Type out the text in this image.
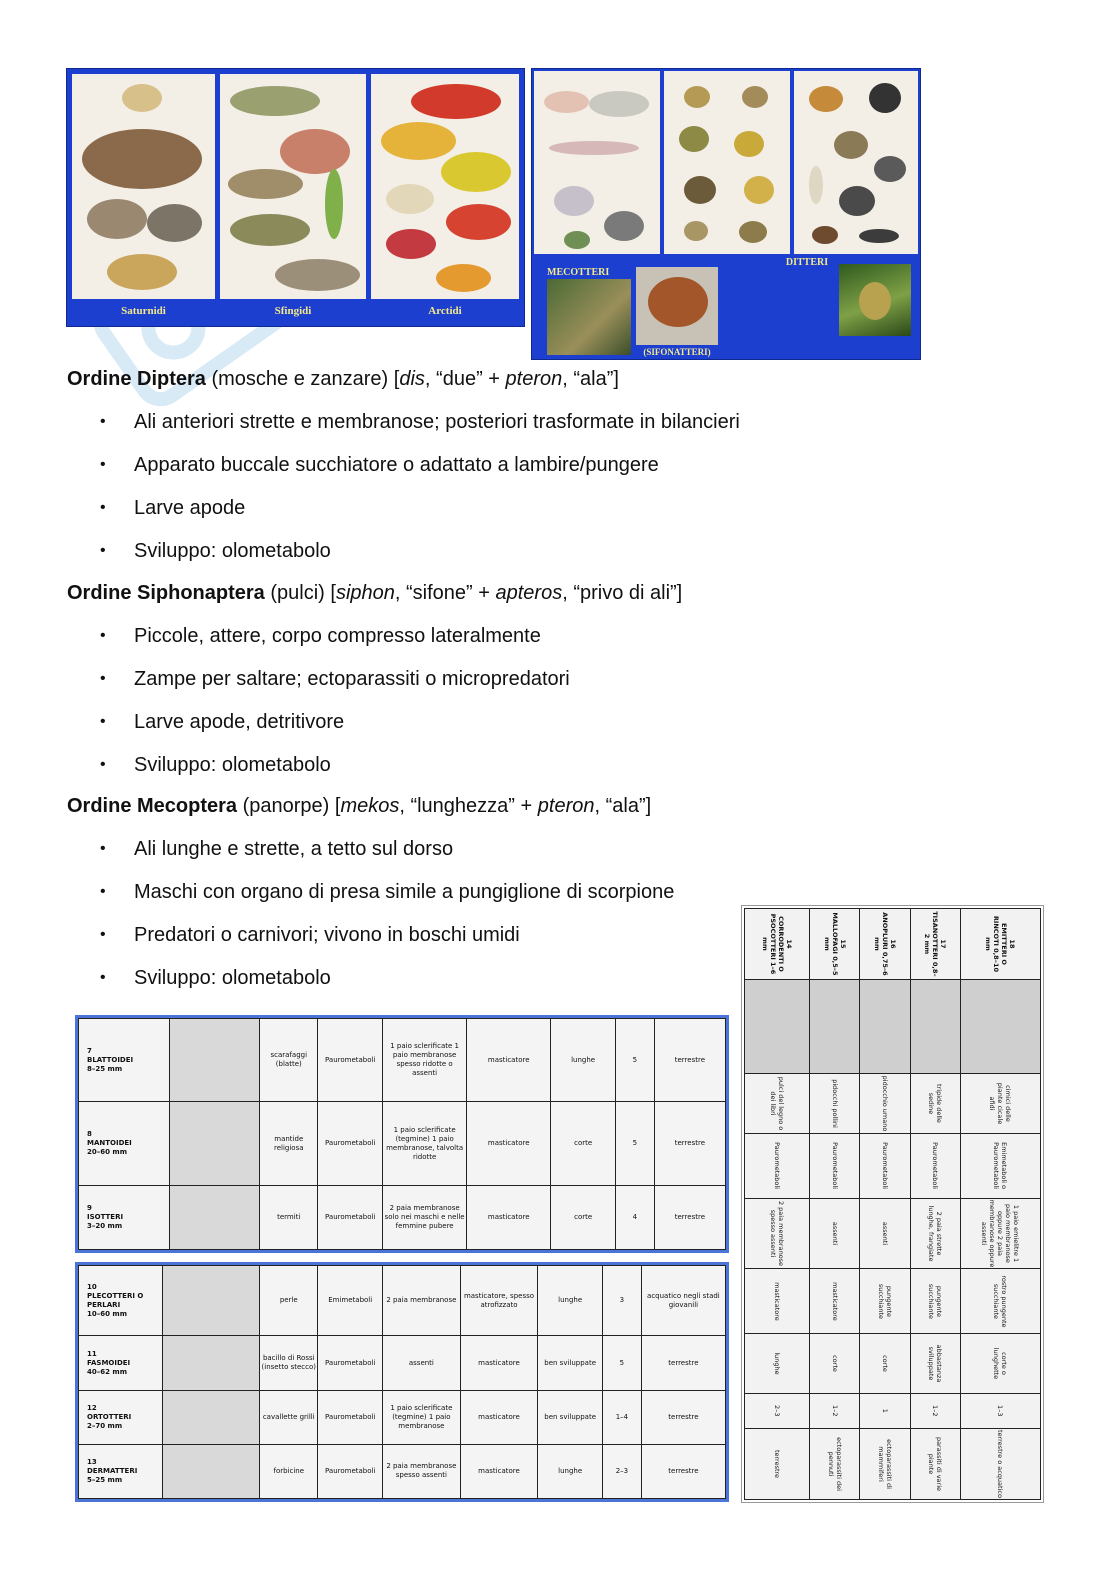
Saturnidi	Sfingidi	Arctidi
MECOTTERI
DITTERI
(SIFONATTERI)
Ordine Diptera (mosche e zanzare) [dis, “due” + pteron, “ala”]
• Ali anteriori strette e membranose; posteriori trasformate in bilancieri
• Apparato buccale succhiatore o adattato a lambire/pungere
• Larve apode
• Sviluppo: olometabolo
Ordine Siphonaptera (pulci) [siphon, “sifone” + apteros, “privo di ali”]
• Piccole, attere, corpo compresso lateralmente
• Zampe per saltare; ectoparassiti o micropredatori
• Larve apode, detritivore
• Sviluppo: olometabolo
Ordine Mecoptera (panorpe) [mekos, “lunghezza” + pteron, “ala”]
• Ali lunghe e strette, a tetto sul dorso
• Maschi con organo di presa simile a pungiglione di scorpione
• Predatori o carnivori; vivono in boschi umidi
• Sviluppo: olometabolo
7
BLATTOIDEI
8–25 mm		scarafaggi (blatte)	Paurometaboli	1 paio sclerificate 1 paio membranose spesso ridotte o assenti	masticatore	lunghe	5	terrestre

8
MANTOIDEI
20–60 mm		mantide religiosa	Paurometaboli	1 paio sclerificate (tegmine) 1 paio membranose, talvolta ridotte	masticatore	corte	5	terrestre

9
ISOTTERI
3–20 mm		termiti	Paurometaboli	2 paia membranose solo nei maschi e nelle femmine pubere	masticatore	corte	4	terrestre
10
PLECOTTERI O PERLARI
10–60 mm		perle	Emimetaboli	2 paia membranose	masticatore, spesso atrofizzato	lunghe	3	acquatico negli stadi giovanili

11
FASMOIDEI
40–62 mm		bacillo di Rossi (insetto stecco)	Paurometaboli	assenti	masticatore	ben sviluppate	5	terrestre

12
ORTOTTERI
2–70 mm		cavallette grilli	Paurometaboli	1 paio sclerificate (tegmine) 1 paio membranose	masticatore	ben sviluppate	1–4	terrestre

13
DERMATTERI
5–25 mm		forbicine	Paurometaboli	2 paia membranose spesso assenti	masticatore	lunghe	2–3	terrestre
18
EMITTERI O RINCOTI 0,8–10 mm		cimici delle piante cicale afidi	Emimetaboli o Paurometaboli	1 paio emielitre 1 paio membranose oppure 2 paia membranose oppure assenti	rostro pungente succhiante	corte o lunghette	1–3	terrestre o acquatico

17
TISANOTTERI 0,8–2 mm		tripide delle sedine	Paurometaboli	2 paia strette lunghe, frangiate	pungente succhiante	abbastanza sviluppate	1–2	parassiti di varie piante

16
ANOPLURI 0,75–6 mm		pidocchio umano	Paurometaboli	assenti	pungente succhiante	corte	1	ectoparassiti di mammiferi

15
MALLOFAGI 0,5–5 mm		pidocchi pollini	Paurometaboli	assenti	masticatore	corte	1–2	ectoparassiti dei pennuti

14
CORRODENTI O PSOCOTTERI 1–6 mm		pulci del legno o dei libri	Paurometaboli	2 paia membranose spesso assenti	masticatore	lunghe	2–3	terrestre
